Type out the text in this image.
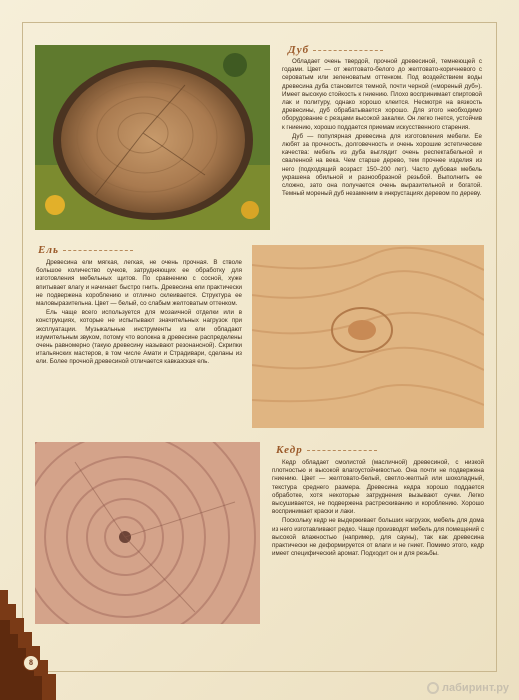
Дуб

Обладает очень твердой, прочной древесиной, темнеющей с годами. Цвет — от желтовато-белого до желтовато-коричневого с сероватым или зеленоватым оттенком. Под воздействием воды древесина дуба становится темной, почти черной («мореный дуб»). Имеет высокую стойкость к гниению. Плохо воспринимает спиртовой лак и политуру, однако хорошо клеится. Несмотря на вязкость древесины, дуб обрабатывается хорошо. Для этого необходимо оборудование с резцами высокой закалки. Он легко гнется, устойчив к гниению, хорошо поддается приемам искусственного старения.

Дуб — популярная древесина для изготовления мебели. Ее любят за прочность, долговечность и очень хорошие эстетические качества: мебель из дуба выглядит очень респектабельной и сваленной на века. Чем старше дерево, тем прочнее изделия из него (подходящий возраст 150–200 лет). Часто дубовая мебель украшена обильной и разнообразной резьбой. Выполнить ее сложно, зато она получается очень выразительной и богатой. Темный мореный дуб незаменим в инкрустациях деревом по дереву.

Ель

Древесина ели мягкая, легкая, не очень прочная. В стволе большое количество сучков, затрудняющих ее обработку для изготовления мебельных щитов. По сравнению с сосной, хуже впитывает влагу и начинает быстро гнить. Древесина ели практически не подвержена короблению и отлично склеивается. Структура ее маловыразительна. Цвет — белый, со слабым желтоватым оттенком.

Ель чаще всего используется для мозаичной отделки или в конструкциях, которые не испытывают значительных нагрузок при эксплуатации. Музыкальные инструменты из ели обладают изумительным звуком, потому что волокна в древесине распределены очень равномерно (такую древесину называют резонансной). Скрипки итальянских мастеров, в том числе Амати и Страдивари, сделаны из ели. Более прочной древесиной отличается кавказская ель.

Кедр

Кедр обладает смолистой (масличной) древесиной, с низкой плотностью и высокой влагоустойчивостью. Она почти не подвержена гниению. Цвет — желтовато-белый, светло-желтый или шоколадный, текстура среднего размера. Древесина кедра хорошо поддается обработке, хотя некоторые затруднения вызывают сучки. Легко высушивается, не подвержена растрескиванию и короблению. Хорошо воспринимает краски и лаки.

Поскольку кедр не выдерживает больших нагрузок, мебель для дома из него изготавливают редко. Чаще производят мебель для помещений с высокой влажностью (например, для сауны), так как древесина практически не деформируется от влаги и не гниет. Помимо этого, кедр имеет специфический аромат. Подходит он и для резьбы.

8
лабиринт.ру
